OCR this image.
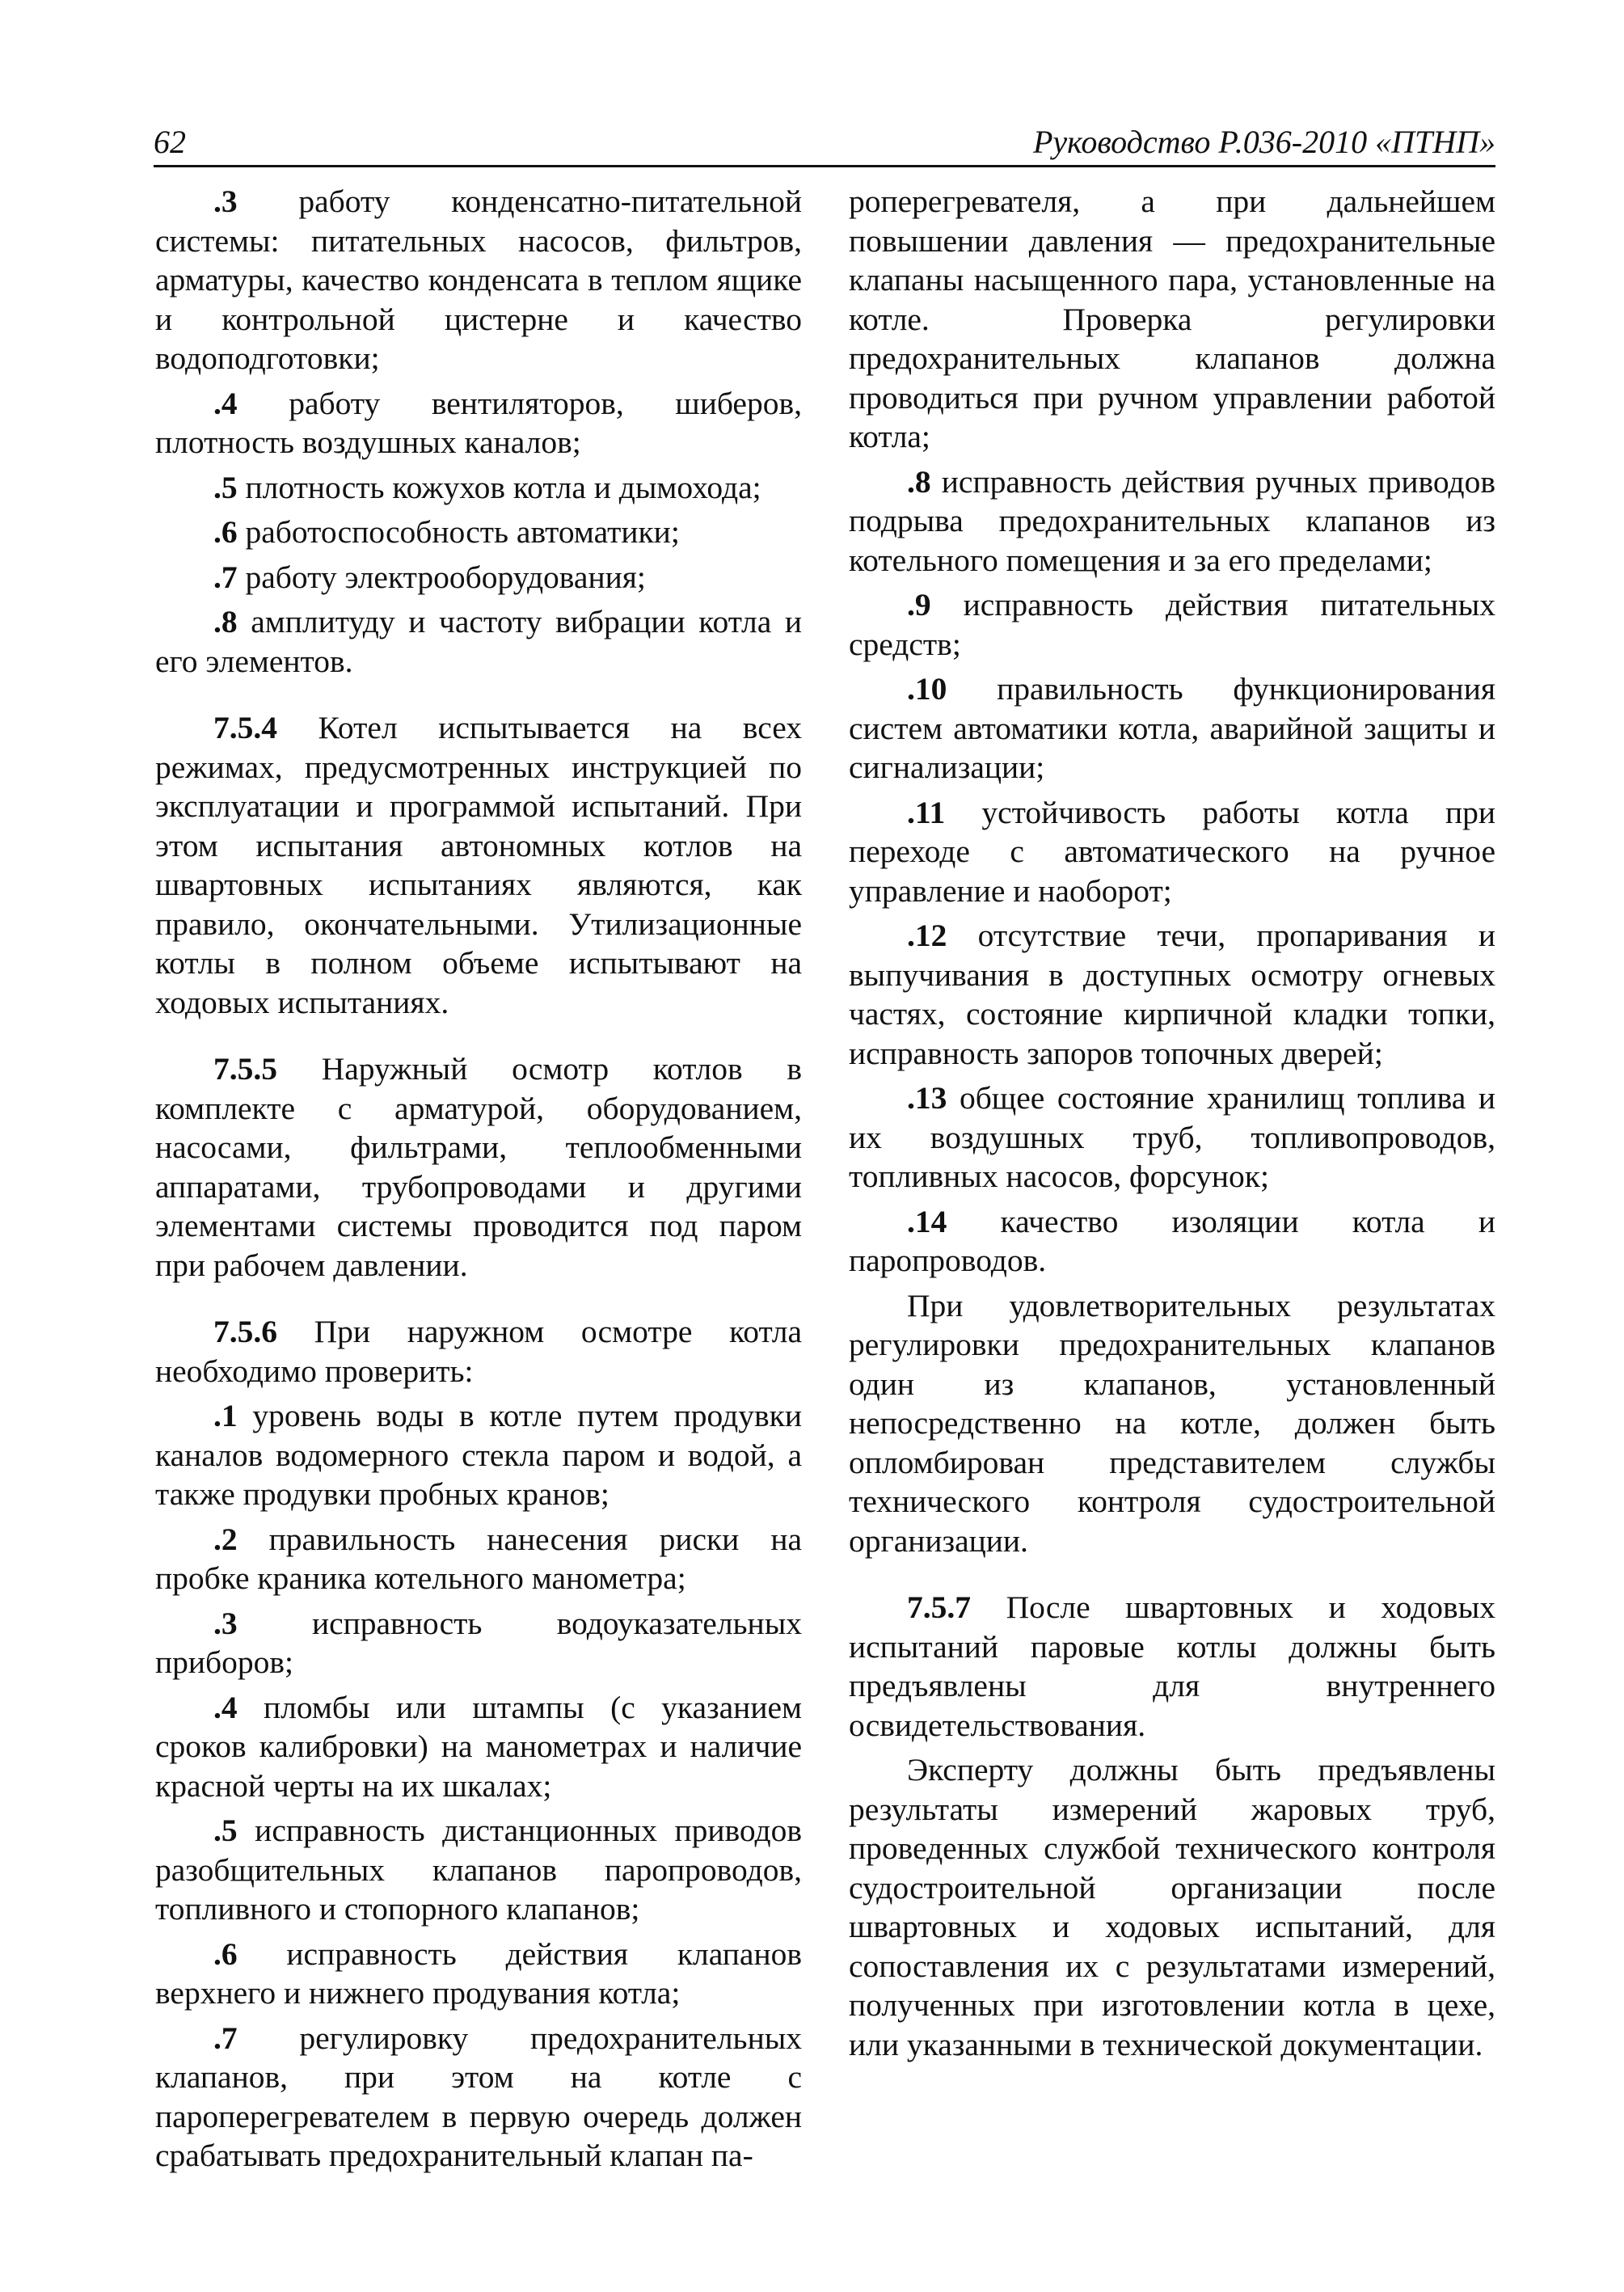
62	Руководство Р.036-2010 «ПТНП»

.3 работу конденсатно-питательной системы: питательных насосов, фильтров, арматуры, качество конденсата в теплом ящике и контрольной цистерне и качество водоподготовки;

.4 работу вентиляторов, шиберов, плотность воздушных каналов;

.5 плотность кожухов котла и дымохода;

.6 работоспособность автоматики;

.7 работу электрооборудования;

.8 амплитуду и частоту вибрации котла и его элементов.

7.5.4 Котел испытывается на всех режимах, предусмотренных инструкцией по эксплуатации и программой испытаний. При этом испытания автономных котлов на швартовных испытаниях являются, как правило, окончательными. Утилизационные котлы в полном объеме испытывают на ходовых испытаниях.

7.5.5 Наружный осмотр котлов в комплекте с арматурой, оборудованием, насосами, фильтрами, теплообменными аппаратами, трубопроводами и другими элементами системы проводится под паром при рабочем давлении.

7.5.6 При наружном осмотре котла необходимо проверить:

.1 уровень воды в котле путем продувки каналов водомерного стекла паром и водой, а также продувки пробных кранов;

.2 правильность нанесения риски на пробке краника котельного манометра;

.3 исправность водоуказательных приборов;

.4 пломбы или штампы (с указанием сроков калибровки) на манометрах и наличие красной черты на их шкалах;

.5 исправность дистанционных приводов разобщительных клапанов паропроводов, топливного и стопорного клапанов;

.6 исправность действия клапанов верхнего и нижнего продувания котла;

.7 регулировку предохранительных клапанов, при этом на котле с пароперегревателем в первую очередь должен срабатывать предохранительный клапан па-

роперегревателя, а при дальнейшем повышении давления — предохранительные клапаны насыщенного пара, установленные на котле. Проверка регулировки предохранительных клапанов должна проводиться при ручном управлении работой котла;

.8 исправность действия ручных приводов подрыва предохранительных клапанов из котельного помещения и за его пределами;

.9 исправность действия питательных средств;

.10 правильность функционирования систем автоматики котла, аварийной защиты и сигнализации;

.11 устойчивость работы котла при переходе с автоматического на ручное управление и наоборот;

.12 отсутствие течи, пропаривания и выпучивания в доступных осмотру огневых частях, состояние кирпичной кладки топки, исправность запоров топочных дверей;

.13 общее состояние хранилищ топлива и их воздушных труб, топливопроводов, топливных насосов, форсунок;

.14 качество изоляции котла и паропроводов.

При удовлетворительных результатах регулировки предохранительных клапанов один из клапанов, установленный непосредственно на котле, должен быть опломбирован представителем службы технического контроля судостроительной организации.

7.5.7 После швартовных и ходовых испытаний паровые котлы должны быть предъявлены для внутреннего освидетельствования.

Эксперту должны быть предъявлены результаты измерений жаровых труб, проведенных службой технического контроля судостроительной организации после швартовных и ходовых испытаний, для сопоставления их с результатами измерений, полученных при изготовлении котла в цехе, или указанными в технической документации.
